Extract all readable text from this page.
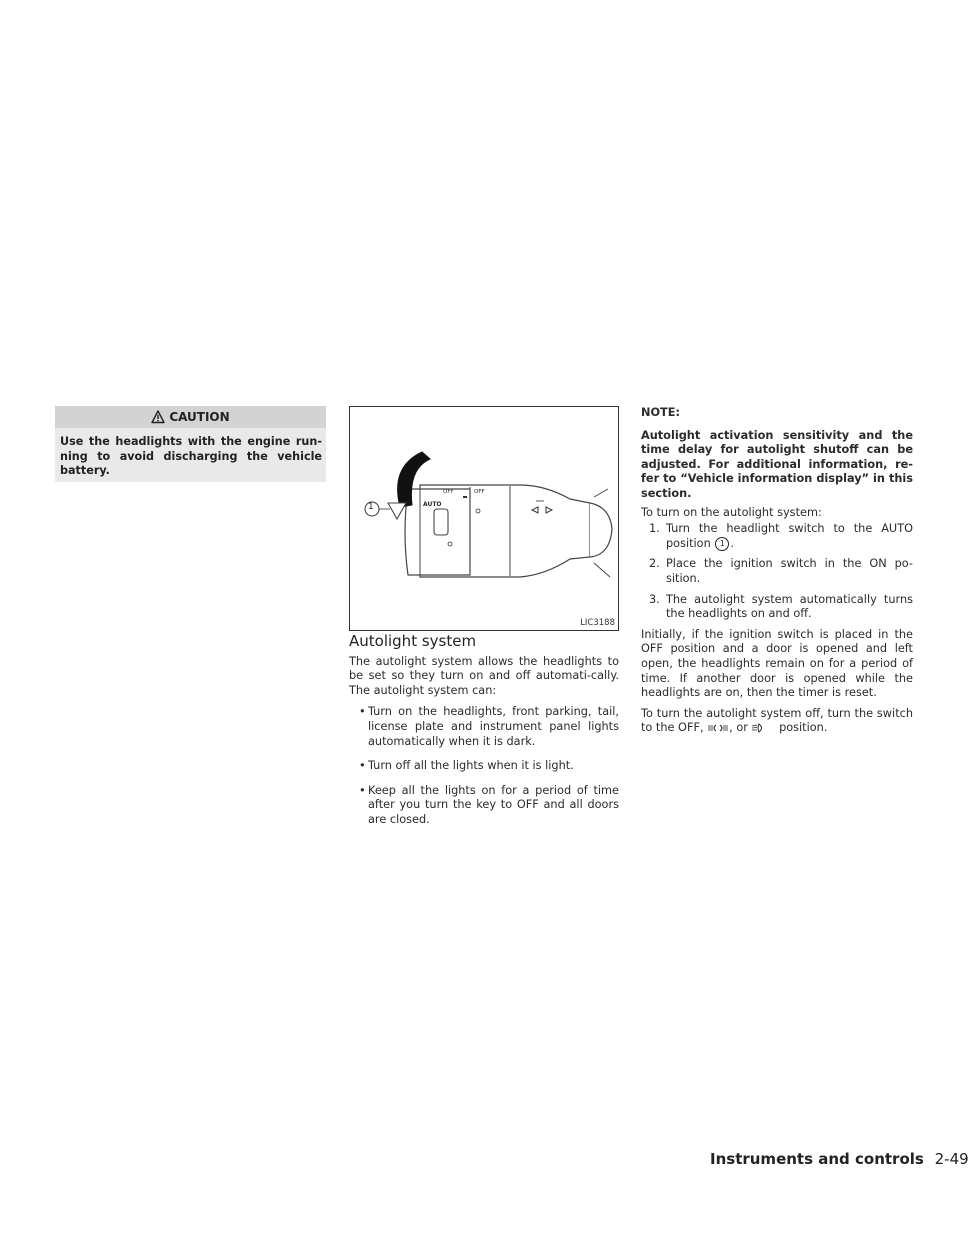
CAUTION
Use the headlights with the engine run-ning to avoid discharging the vehicle battery.
1
OFF	OFF
AUTO
LIC3188
Autolight system

The autolight system allows the headlights to be set so they turn on and off automati-cally. The autolight system can:

• Turn on the headlights, front parking, tail, license plate and instrument panel lights automatically when it is dark.
• Turn off all the lights when it is light.
• Keep all the lights on for a period of time after you turn the key to OFF and all doors are closed.
NOTE:
Autolight activation sensitivity and the time delay for autolight shutoff can be adjusted. For additional information, re-fer to “Vehicle information display” in this section.

To turn on the autolight system:

1. Turn the headlight switch to the AUTO position 1 .
2. Place the ignition switch in the ON po-sition.
3. The autolight system automatically turns the headlights on and off.

Initially, if the ignition switch is placed in the OFF position and a door is opened and left open, the headlights remain on for a period of time. If another door is opened while the headlights are on, then the timer is reset.

To turn the autolight system off, turn the switch to the OFF, , or	position.

Instruments and controls 2-49
